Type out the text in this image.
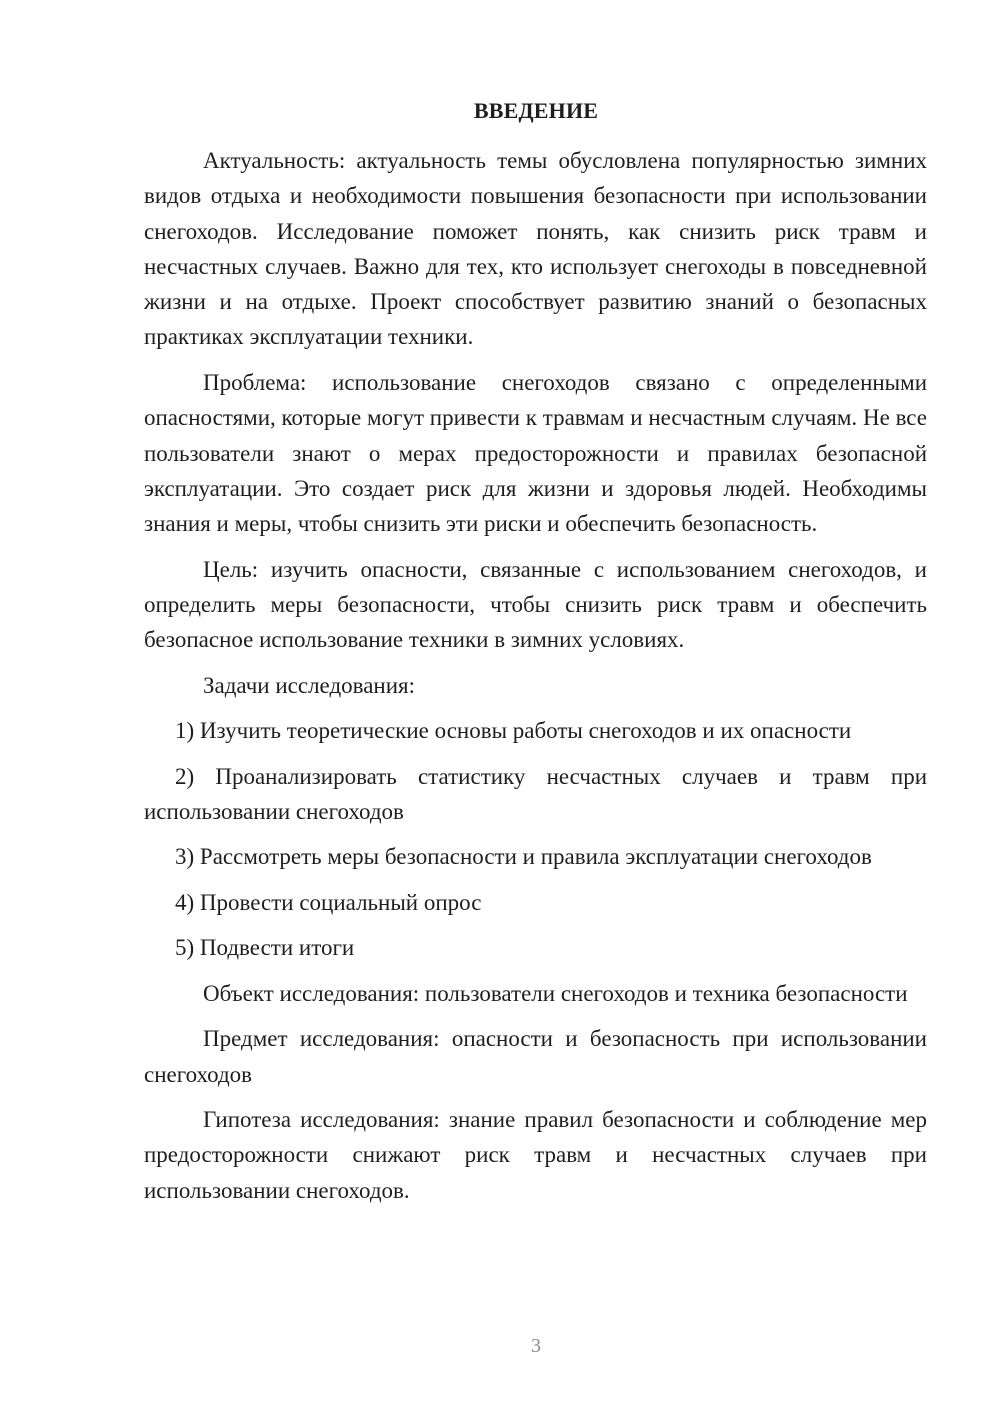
ВВЕДЕНИЕ

Актуальность: актуальность темы обусловлена популярностью зимних видов отдыха и необходимости повышения безопасности при использовании снегоходов. Исследование поможет понять, как снизить риск травм и несчастных случаев. Важно для тех, кто использует снегоходы в повседневной жизни и на отдыхе. Проект способствует развитию знаний о безопасных практиках эксплуатации техники.

Проблема: использование снегоходов связано с определенными опасностями, которые могут привести к травмам и несчастным случаям. Не все пользователи знают о мерах предосторожности и правилах безопасной эксплуатации. Это создает риск для жизни и здоровья людей. Необходимы знания и меры, чтобы снизить эти риски и обеспечить безопасность.

Цель: изучить опасности, связанные с использованием снегоходов, и определить меры безопасности, чтобы снизить риск травм и обеспечить безопасное использование техники в зимних условиях.

Задачи исследования:

1) Изучить теоретические основы работы снегоходов и их опасности

2) Проанализировать статистику несчастных случаев и травм при использовании снегоходов

3) Рассмотреть меры безопасности и правила эксплуатации снегоходов

4) Провести социальный опрос

5) Подвести итоги

Объект исследования: пользователи снегоходов и техника безопасности

Предмет исследования: опасности и безопасность при использовании снегоходов

Гипотеза исследования: знание правил безопасности и соблюдение мер предосторожности снижают риск травм и несчастных случаев при использовании снегоходов.

3
